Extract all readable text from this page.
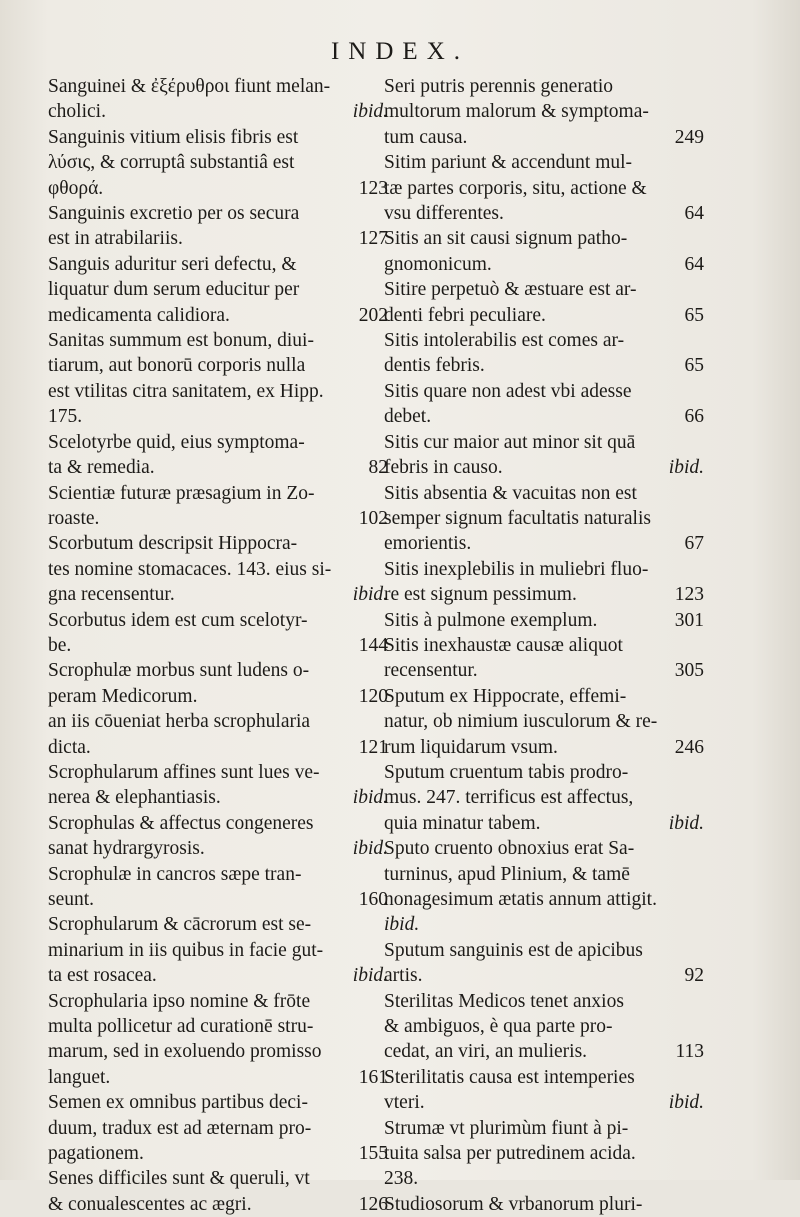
INDEX.
Sanguinei & ἐξέρυθροι fiunt melan-
cholici.	ibid.
Sanguinis vitium elisis fibris est
λύσις, & corruptâ substantiâ est
φθορά.	123
Sanguinis excretio per os secura
est in atrabilariis.	127
Sanguis aduritur seri defectu, &
liquatur dum serum educitur per
medicamenta calidiora.	202
Sanitas summum est bonum, diui-
tiarum, aut bonorū corporis nulla
est vtilitas citra sanitatem, ex Hipp.
175.
Scelotyrbe quid, eius symptoma-
ta & remedia.	82
Scientiæ futuræ præsagium in Zo-
roaste.	102
Scorbutum descripsit Hippocra-
tes nomine stomacaces. 143. eius si-
gna recensentur.	ibid.
Scorbutus idem est cum scelotyr-
be.	144
Scrophulæ morbus sunt ludens o-
peram Medicorum.	120
an iis cōueniat herba scrophularia
dicta.	121
Scrophularum affines sunt lues ve-
nerea & elephantiasis.	ibid.
Scrophulas & affectus congeneres
sanat hydrargyrosis.	ibid.
Scrophulæ in cancros sæpe tran-
seunt.	160
Scrophularum & cācrorum est se-
minarium in iis quibus in facie gut-
ta est rosacea.	ibid.
Scrophularia ipso nomine & frōte
multa pollicetur ad curationē stru-
marum, sed in exoluendo promisso
languet.	161
Semen ex omnibus partibus deci-
duum, tradux est ad æternam pro-
pagationem.	155
Senes difficiles sunt & queruli, vt
& conualescentes ac ægri.	126
Seri putris perennis generatio
multorum malorum & symptoma-
tum causa.	249
Sitim pariunt & accendunt mul-
tæ partes corporis, situ, actione &
vsu differentes.	64
Sitis an sit causi signum patho-
gnomonicum.	64
Sitire perpetuò & æstuare est ar-
denti febri peculiare.	65
Sitis intolerabilis est comes ar-
dentis febris.	65
Sitis quare non adest vbi adesse
debet.	66
Sitis cur maior aut minor sit quā
febris in causo.	ibid.
Sitis absentia & vacuitas non est
semper signum facultatis naturalis
emorientis.	67
Sitis inexplebilis in muliebri fluo-
re est signum pessimum.	123
Sitis à pulmone exemplum.	301
Sitis inexhaustæ causæ aliquot
recensentur.	305
Sputum ex Hippocrate, effemi-
natur, ob nimium iusculorum & re-
rum liquidarum vsum.	246
Sputum cruentum tabis prodro-
mus. 247. terrificus est affectus,
quia minatur tabem.	ibid.
Sputo cruento obnoxius erat Sa-
turninus, apud Plinium, & tamē
nonagesimum ætatis annum attigit.
ibid.
Sputum sanguinis est de apicibus
artis.	92
Sterilitas Medicos tenet anxios
& ambiguos, è qua parte pro-
cedat, an viri, an mulieris.	113
Sterilitatis causa est intemperies
vteri.	ibid.
Strumæ vt plurimùm fiunt à pi-
tuita salsa per putredinem acida.
238.
Studiosorum & vrbanorum pluri-
